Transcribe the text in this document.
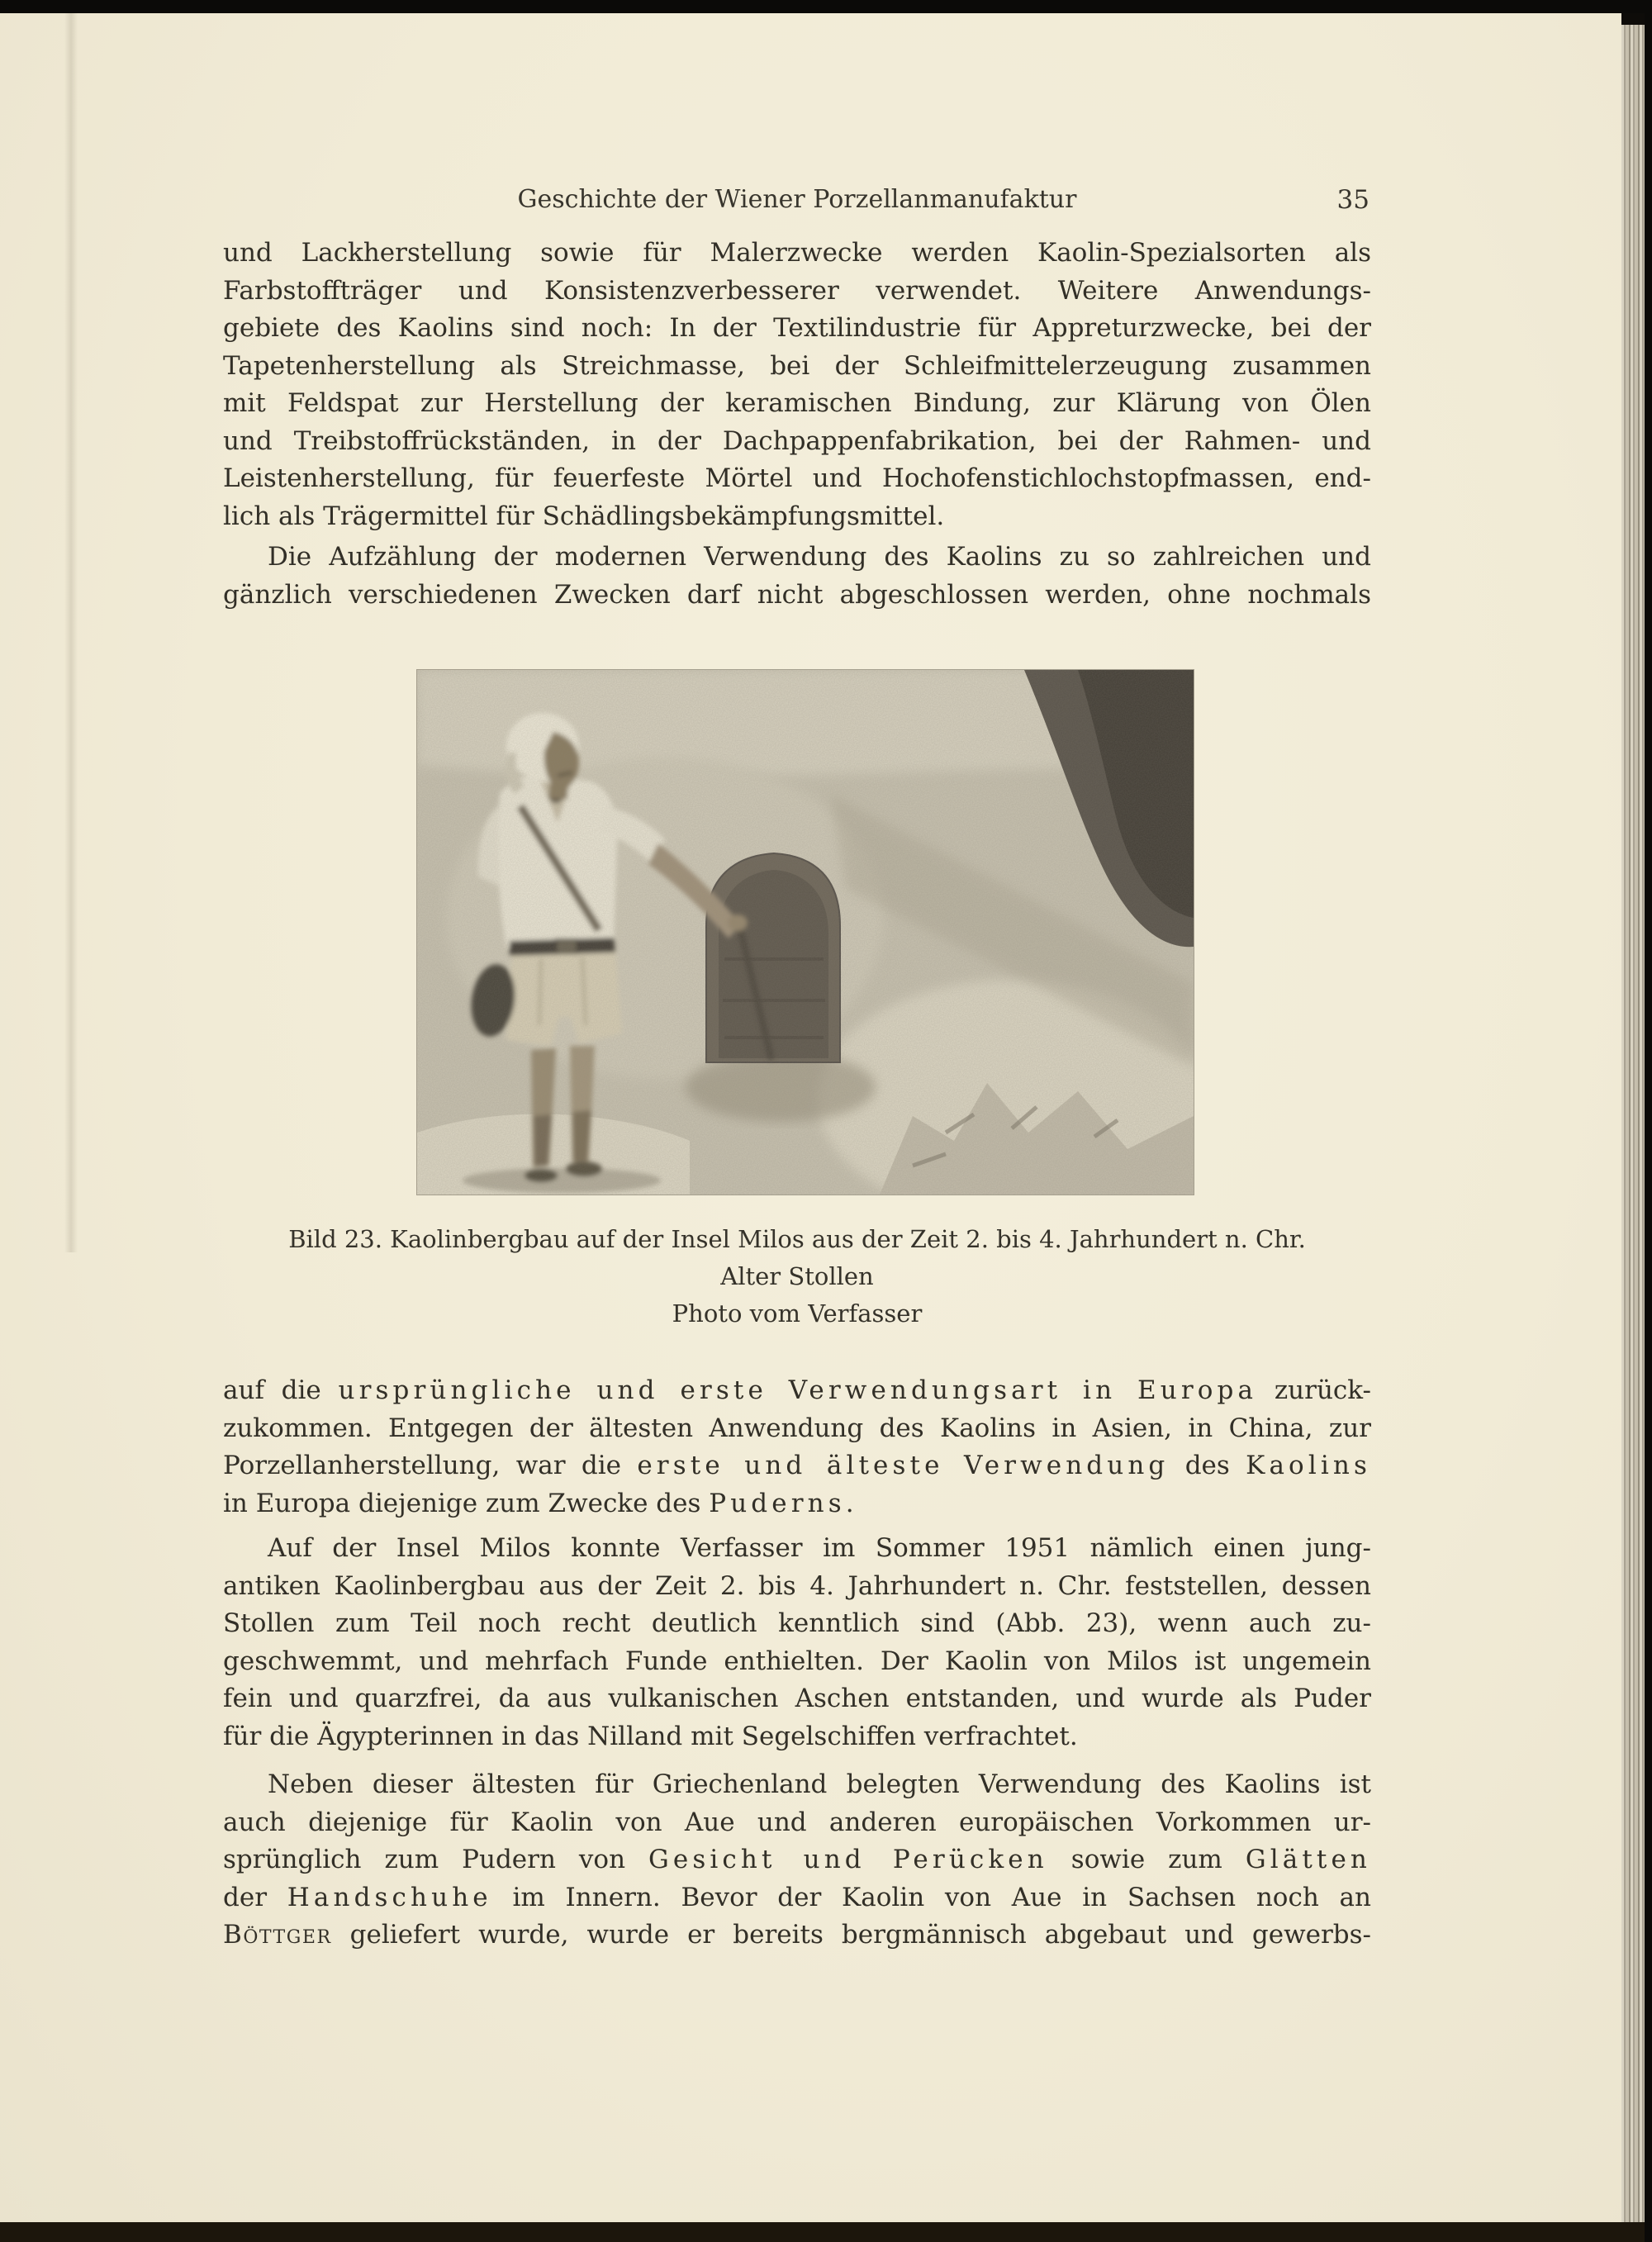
Geschichte der Wiener Porzellanmanufaktur	35
und Lackherstellung sowie für Malerzwecke werden Kaolin-Spezialsorten als
Farbstoffträger und Konsistenzverbesserer verwendet. Weitere Anwendungs-
gebiete des Kaolins sind noch: In der Textilindustrie für Appreturzwecke, bei der
Tapetenherstellung als Streichmasse, bei der Schleifmittelerzeugung zusammen
mit Feldspat zur Herstellung der keramischen Bindung, zur Klärung von Ölen
und Treibstoffrückständen, in der Dachpappenfabrikation, bei der Rahmen- und
Leistenherstellung, für feuerfeste Mörtel und Hochofenstichlochstopfmassen, end-
lich als Trägermittel für Schädlingsbekämpfungsmittel.
Die Aufzählung der modernen Verwendung des Kaolins zu so zahlreichen und
gänzlich verschiedenen Zwecken darf nicht abgeschlossen werden, ohne nochmals
auf die ursprüngliche und erste Verwendungsart in Europa zurück-
zukommen. Entgegen der ältesten Anwendung des Kaolins in Asien, in China, zur
Porzellanherstellung, war die erste und älteste Verwendung des Kaolins
in Europa diejenige zum Zwecke des Puderns.
Auf der Insel Milos konnte Verfasser im Sommer 1951 nämlich einen jung-
antiken Kaolinbergbau aus der Zeit 2. bis 4. Jahrhundert n. Chr. feststellen, dessen
Stollen zum Teil noch recht deutlich kenntlich sind (Abb. 23), wenn auch zu-
geschwemmt, und mehrfach Funde enthielten. Der Kaolin von Milos ist ungemein
fein und quarzfrei, da aus vulkanischen Aschen entstanden, und wurde als Puder
für die Ägypterinnen in das Nilland mit Segelschiffen verfrachtet.
Neben dieser ältesten für Griechenland belegten Verwendung des Kaolins ist
auch diejenige für Kaolin von Aue und anderen europäischen Vorkommen ur-
sprünglich zum Pudern von Gesicht und Perücken sowie zum Glätten
der Handschuhe im Innern. Bevor der Kaolin von Aue in Sachsen noch an
Böttger geliefert wurde, wurde er bereits bergmännisch abgebaut und gewerbs-
Bild 23. Kaolinbergbau auf der Insel Milos aus der Zeit 2. bis 4. Jahrhundert n. Chr.
Alter Stollen
Photo vom Verfasser
